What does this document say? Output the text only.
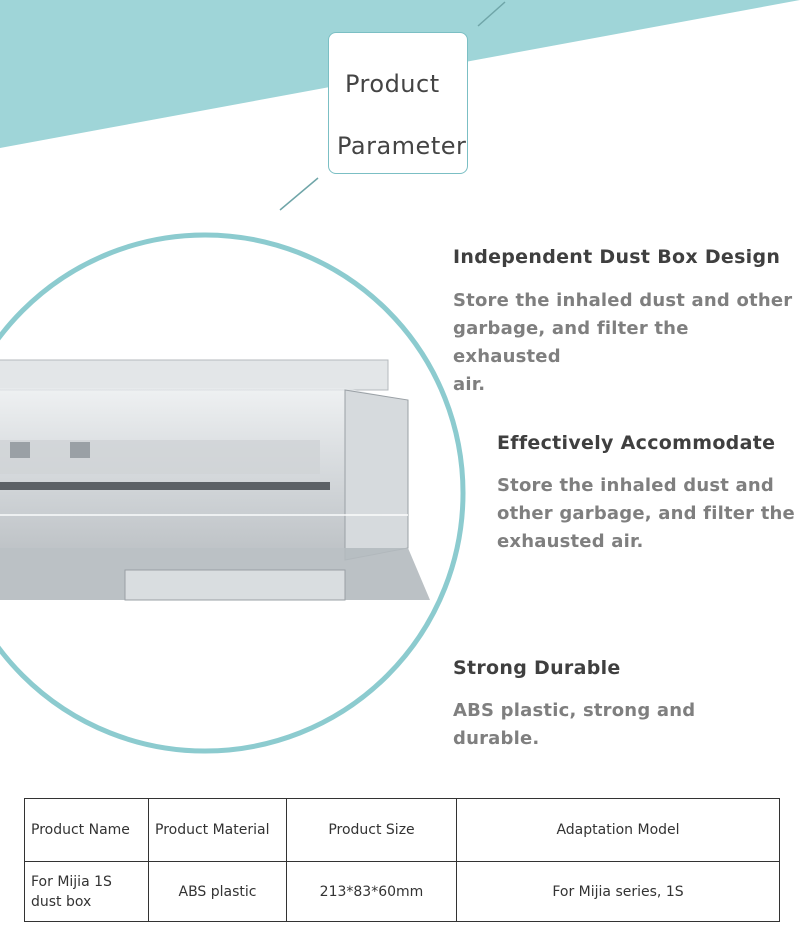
Product
Parameter
Independent Dust Box Design
Store the inhaled dust and other
garbage, and filter the exhausted
air.
Effectively Accommodate
Store the inhaled dust and
other garbage, and filter the
exhausted air.
Strong Durable
ABS plastic, strong and
durable.
Product Name	Product Material	Product Size	Adaptation Model

For Mijia 1S
dust box	ABS plastic	213*83*60mm	For Mijia series, 1S
